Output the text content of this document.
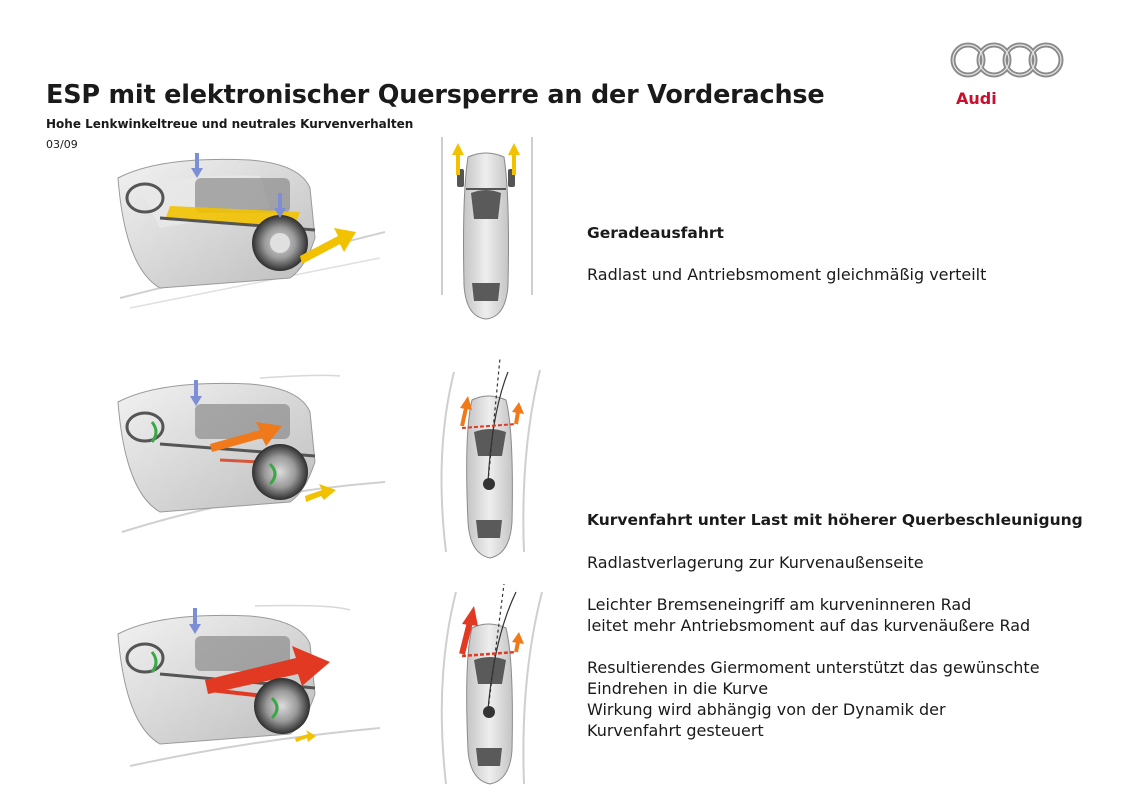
ESP mit elektronischer Quersperre an der Vorderachse
Hohe Lenkwinkeltreue und neutrales Kurvenverhalten
03/09
Audi
Geradeausfahrt
Radlast und Antriebsmoment gleichmäßig verteilt
Kurvenfahrt unter Last mit höherer Querbeschleunigung
Radlastverlagerung zur Kurvenaußenseite
Leichter Bremseneingriff am kurveninneren Rad
leitet mehr Antriebsmoment auf das kurvenäußere Rad
Resultierendes Giermoment unterstützt das gewünschte
Eindrehen in die Kurve
Wirkung wird abhängig von der Dynamik der
Kurvenfahrt gesteuert
